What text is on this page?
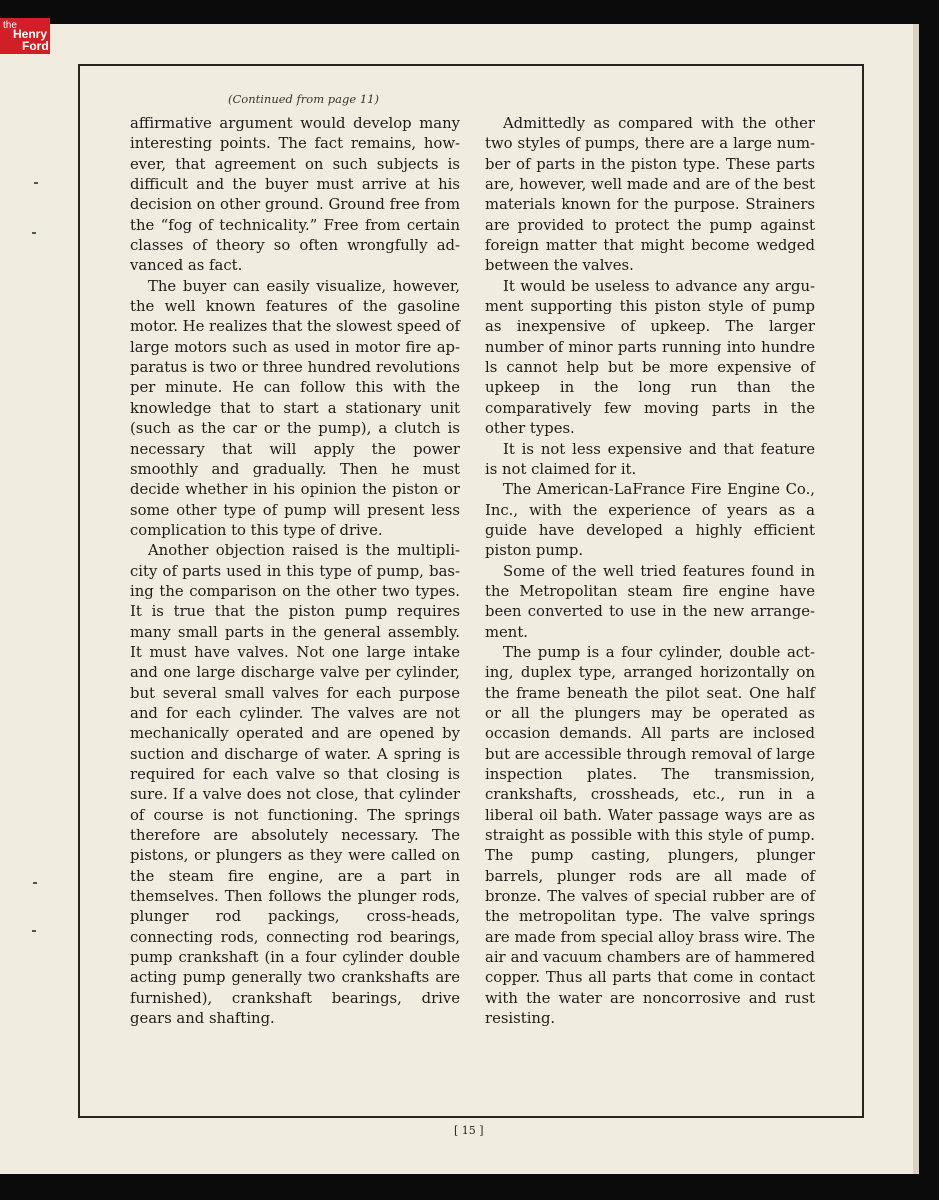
the
Henry
Ford
(Continued from page 11)

affirmative argument would develop many interesting points. The fact remains, however, that agreement on such subjects is difficult and the buyer must arrive at his decision on other ground. Ground free from the “fog of technicality.” Free from certain classes of theory so often wrongfully advanced as fact.

The buyer can easily visualize, however, the well known features of the gasoline motor. He realizes that the slowest speed of large motors such as used in motor fire apparatus is two or three hundred revolutions per minute. He can follow this with the knowledge that to start a stationary unit (such as the car or the pump), a clutch is necessary that will apply the power smoothly and gradually. Then he must decide whether in his opinion the piston or some other type of pump will present less complication to this type of drive.

Another objection raised is the multiplicity of parts used in this type of pump, basing the comparison on the other two types. It is true that the piston pump requires many small parts in the general assembly. It must have valves. Not one large intake and one large discharge valve per cylinder, but several small valves for each purpose and for each cylinder. The valves are not mechanically operated and are opened by suction and discharge of water. A spring is required for each valve so that closing is sure. If a valve does not close, that cylinder of course is not functioning. The springs therefore are absolutely necessary. The pistons, or plungers as they were called on the steam fire engine, are a part in themselves. Then follows the plunger rods, plunger rod packings, cross-heads, connecting rods, connecting rod bearings, pump crankshaft (in a four cylinder double acting pump generally two crankshafts are furnished), crankshaft bearings, drive gears and shafting.

Admittedly as compared with the other two styles of pumps, there are a large number of parts in the piston type. These parts are, however, well made and are of the best materials known for the purpose. Strainers are provided to protect the pump against foreign matter that might become wedged between the valves.

It would be useless to advance any argument supporting this piston style of pump as inexpensive of upkeep. The larger number of minor parts running into hundre ls cannot help but be more expensive of upkeep in the long run than the comparatively few moving parts in the other types.

It is not less expensive and that feature is not claimed for it.

The American-LaFrance Fire Engine Co., Inc., with the experience of years as a guide have developed a highly efficient piston pump.

Some of the well tried features found in the Metropolitan steam fire engine have been converted to use in the new arrangement.

The pump is a four cylinder, double acting, duplex type, arranged horizontally on the frame beneath the pilot seat. One half or all the plungers may be operated as occasion demands. All parts are inclosed but are accessible through removal of large inspection plates. The transmission, crankshafts, crossheads, etc., run in a liberal oil bath. Water passage ways are as straight as possible with this style of pump. The pump casting, plungers, plunger barrels, plunger rods are all made of bronze. The valves of special rubber are of the metropolitan type. The valve springs are made from special alloy brass wire. The air and vacuum chambers are of hammered copper. Thus all parts that come in contact with the water are noncorrosive and rust resisting.

[ 15 ]
